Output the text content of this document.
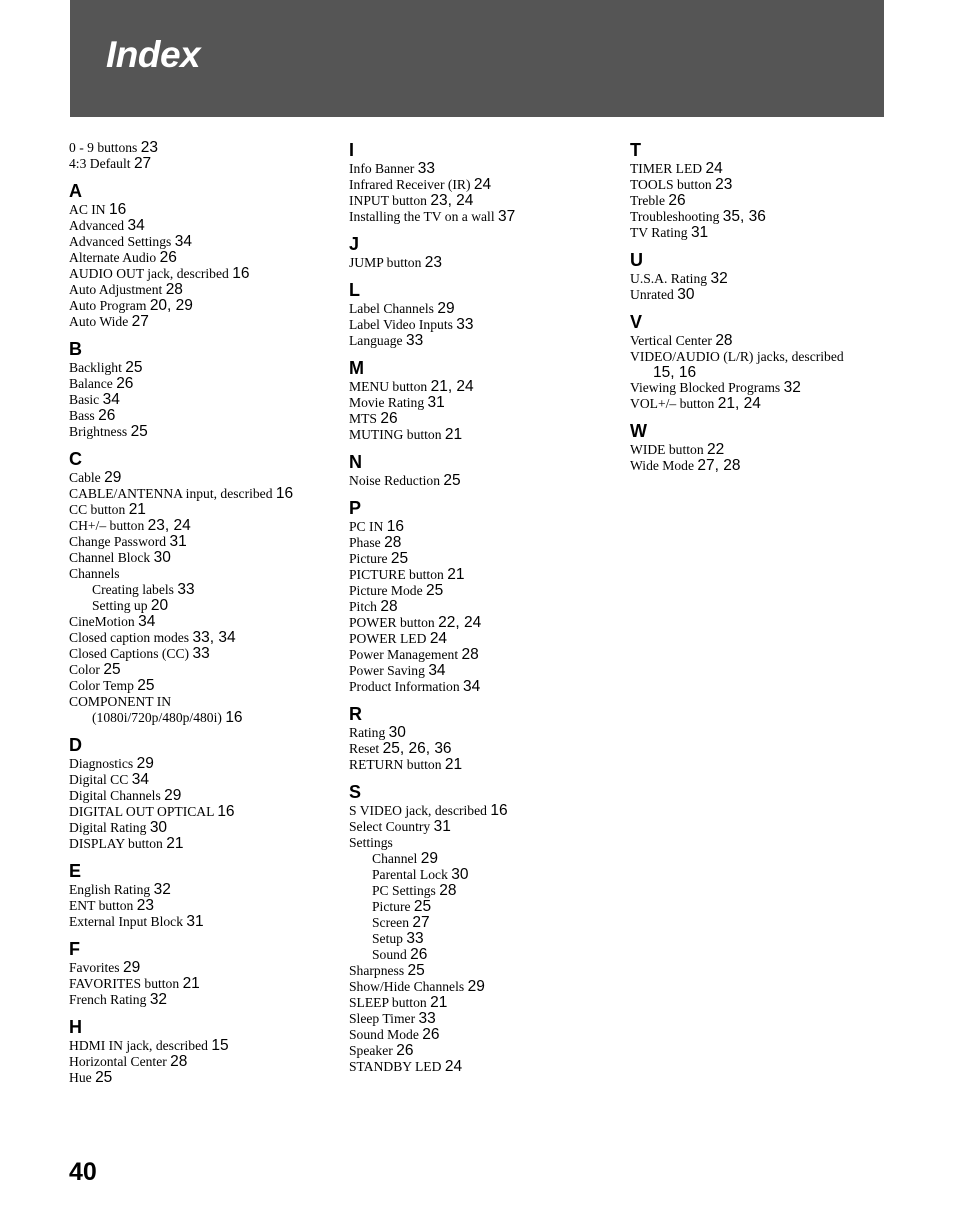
Index
0 - 9 buttons 23
4:3 Default 27
A
AC IN 16
Advanced 34
Advanced Settings 34
Alternate Audio 26
AUDIO OUT jack, described 16
Auto Adjustment 28
Auto Program 20, 29
Auto Wide 27
B
Backlight 25
Balance 26
Basic 34
Bass 26
Brightness 25
C
Cable 29
CABLE/ANTENNA input, described 16
CC button 21
CH+/– button 23, 24
Change Password 31
Channel Block 30
Channels
Creating labels 33
Setting up 20
CineMotion 34
Closed caption modes 33, 34
Closed Captions (CC) 33
Color 25
Color Temp 25
COMPONENT IN
(1080i/720p/480p/480i) 16
D
Diagnostics 29
Digital CC 34
Digital Channels 29
DIGITAL OUT OPTICAL 16
Digital Rating 30
DISPLAY button 21
E
English Rating 32
ENT button 23
External Input Block 31
F
Favorites 29
FAVORITES button 21
French Rating 32
H
HDMI IN jack, described 15
Horizontal Center 28
Hue 25
I
Info Banner 33
Infrared Receiver (IR) 24
INPUT button 23, 24
Installing the TV on a wall 37
J
JUMP button 23
L
Label Channels 29
Label Video Inputs 33
Language 33
M
MENU button 21, 24
Movie Rating 31
MTS 26
MUTING button 21
N
Noise Reduction 25
P
PC IN 16
Phase 28
Picture 25
PICTURE button 21
Picture Mode 25
Pitch 28
POWER button 22, 24
POWER LED 24
Power Management 28
Power Saving 34
Product Information 34
R
Rating 30
Reset 25, 26, 36
RETURN button 21
S
S VIDEO jack, described 16
Select Country 31
Settings
Channel 29
Parental Lock 30
PC Settings 28
Picture 25
Screen 27
Setup 33
Sound 26
Sharpness 25
Show/Hide Channels 29
SLEEP button 21
Sleep Timer 33
Sound Mode 26
Speaker 26
STANDBY LED 24
T
TIMER LED 24
TOOLS button 23
Treble 26
Troubleshooting 35, 36
TV Rating 31
U
U.S.A. Rating 32
Unrated 30
V
Vertical Center 28
VIDEO/AUDIO (L/R) jacks, described
15, 16
Viewing Blocked Programs 32
VOL+/– button 21, 24
W
WIDE button 22
Wide Mode 27, 28
40
